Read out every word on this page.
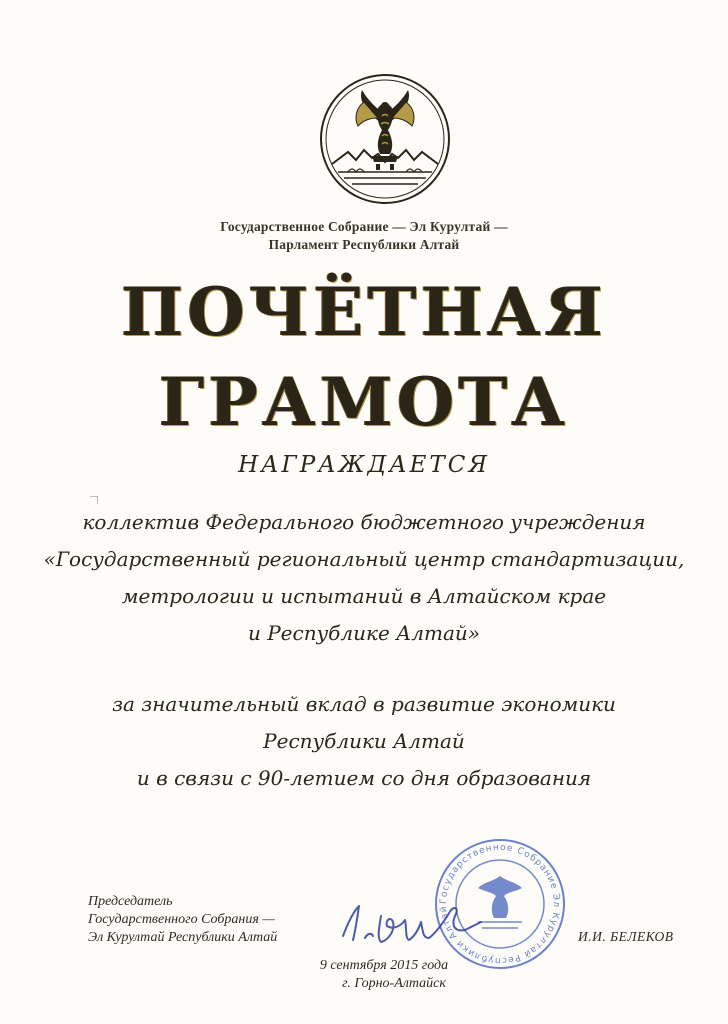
Государственное Собрание — Эл Курултай —
Парламент Республики Алтай
ПОЧЁТНАЯ
ГРАМОТА
НАГРАЖДАЕТСЯ
коллектив Федерального бюджетного учреждения
«Государственный региональный центр стандартизации,
метрологии и испытаний в Алтайском крае
и Республике Алтай»
за значительный вклад в развитие экономики
Республики Алтай
и в связи с 90-летием со дня образования
Председатель
Государственного Собрания —
Эл Курултай Республики Алтай
Государственное Собрание Эл Курултай Республики Алтай
И.И. БЕЛЕКОВ
9 сентября 2015 года
г. Горно-Алтайск
